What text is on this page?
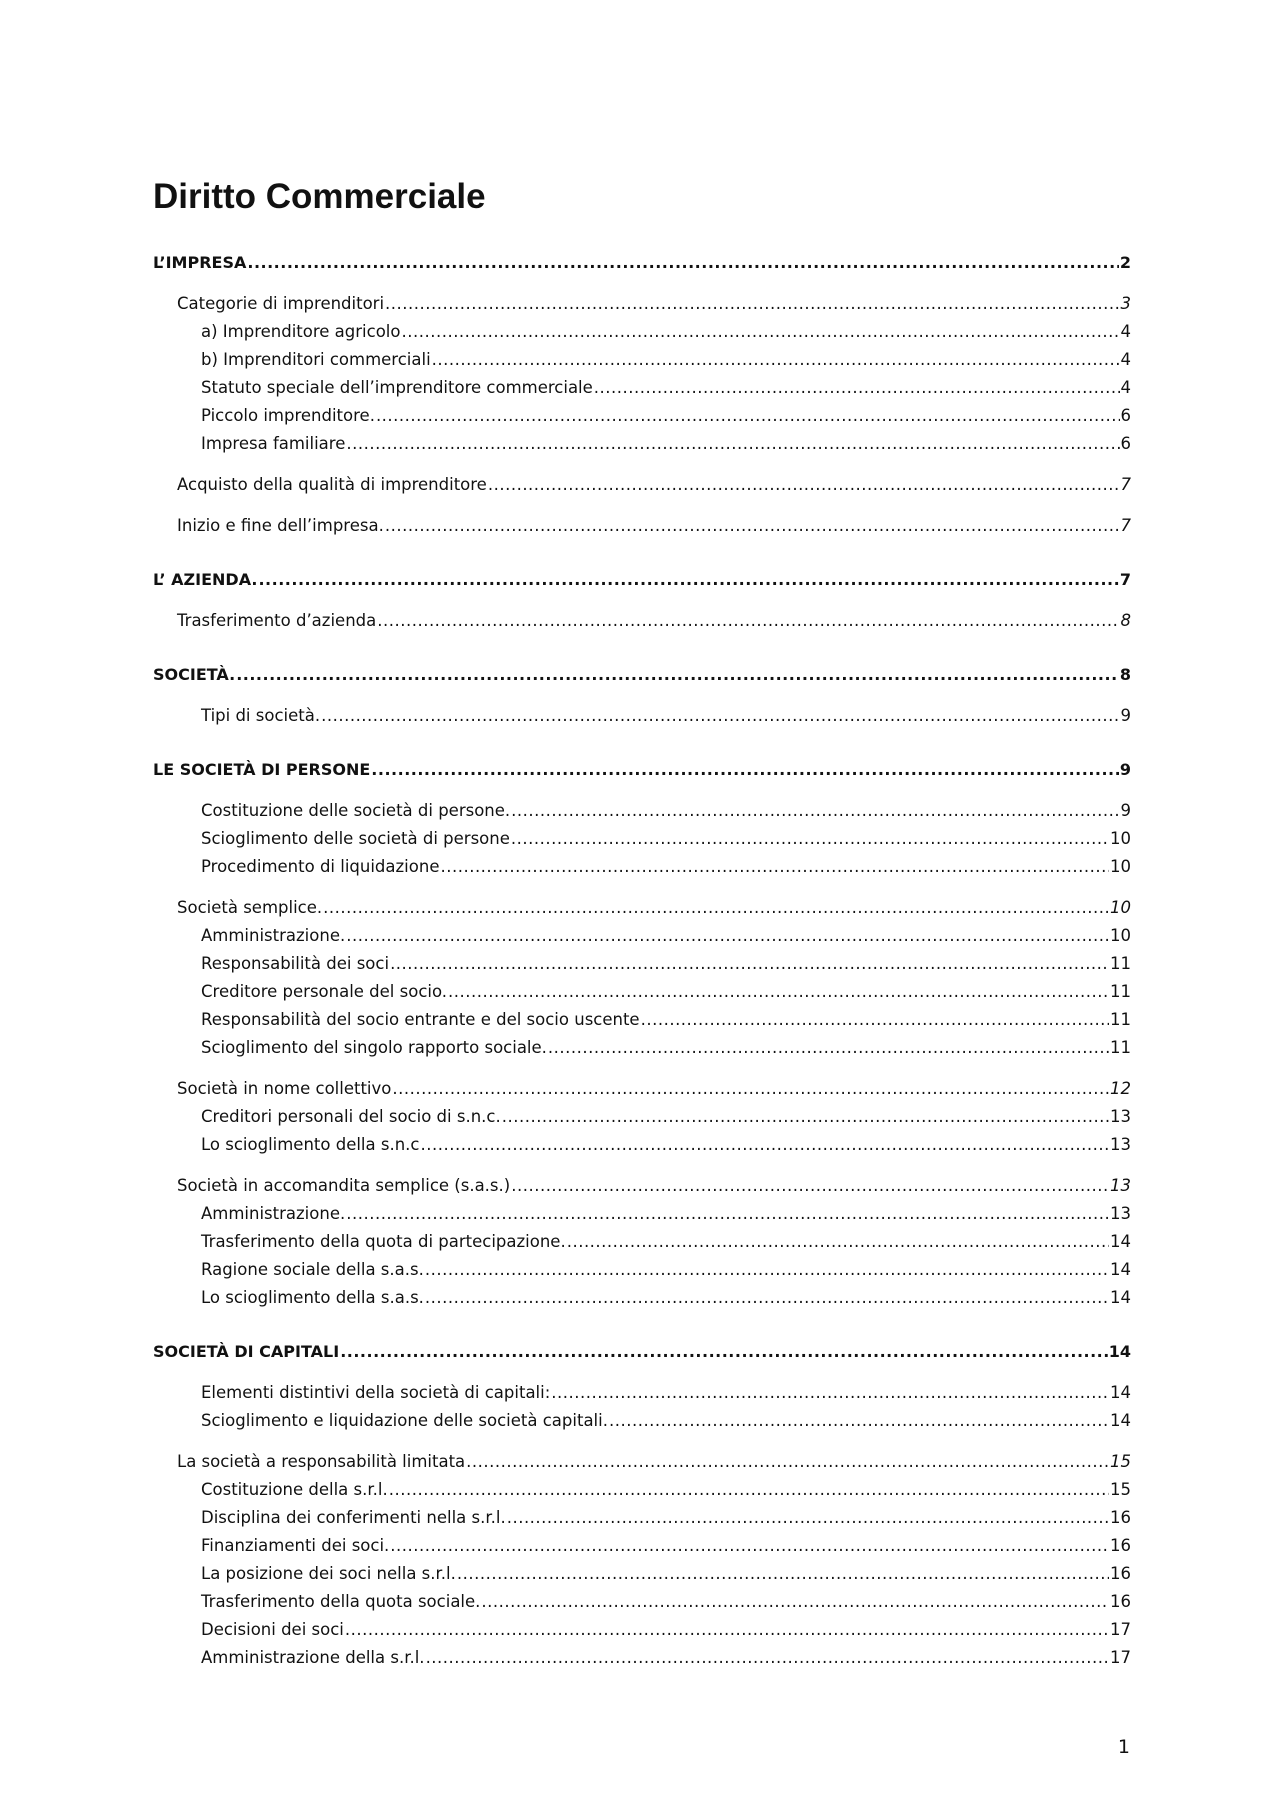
Diritto Commerciale
L’IMPRESA .....	2
Categorie di imprenditori .....	3
a) Imprenditore agricolo .....	4
b) Imprenditori commerciali .....	4
Statuto speciale dell’imprenditore commerciale .....	4
Piccolo imprenditore. .....	6
Impresa familiare .....	6
Acquisto della qualità di imprenditore .....	7
Inizio e fine dell’impresa. .....	7
L’ AZIENDA. .....	7
Trasferimento d’azienda .....	8
SOCIETÀ. .....	8
Tipi di società. .....	9
LE SOCIETÀ DI PERSONE .....	9
Costituzione delle società di persone. .....	9
Scioglimento delle società di persone .....	10
Procedimento di liquidazione .....	10
Società semplice. .....	10
Amministrazione. .....	10
Responsabilità dei soci .....	11
Creditore personale del socio. .....	11
Responsabilità del socio entrante e del socio uscente .....	11
Scioglimento del singolo rapporto sociale. .....	11
Società in nome collettivo .....	12
Creditori personali del socio di s.n.c. .....	13
Lo scioglimento della s.n.c .....	13
Società in accomandita semplice (s.a.s.) .....	13
Amministrazione. .....	13
Trasferimento della quota di partecipazione. .....	14
Ragione sociale della s.a.s. .....	14
Lo scioglimento della s.a.s. .....	14
SOCIETÀ DI CAPITALI .....	14
Elementi distintivi della società di capitali: .....	14
Scioglimento e liquidazione delle società capitali. .....	14
La società a responsabilità limitata .....	15
Costituzione della s.r.l. .....	15
Disciplina dei conferimenti nella s.r.l. .....	16
Finanziamenti dei soci. .....	16
La posizione dei soci nella s.r.l. .....	16
Trasferimento della quota sociale. .....	16
Decisioni dei soci .....	17
Amministrazione della s.r.l. .....	17
1
